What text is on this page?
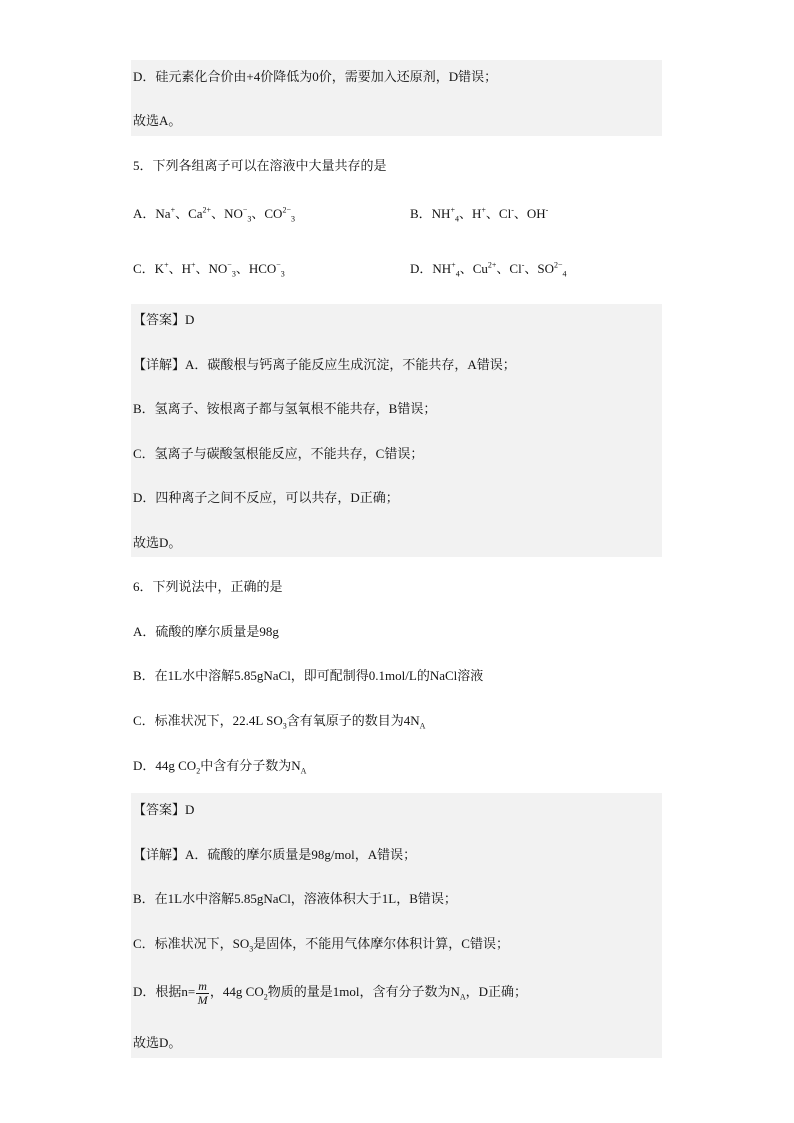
D．硅元素化合价由+4价降低为0价，需要加入还原剂，D错误；
故选A。
5．下列各组离子可以在溶液中大量共存的是
A．Na+、$Ca^{2+}$、$NO^-_3$、$CO^{2-}_3$	B．$NH^+_4$、H+、Cl-、OH-
C．K+、H+、$NO^-_3$、$HCO^-_3$	D．$NH^+_4$、$Cu^{2+}$、Cl-、$SO^{2-}_4$
【答案】D
【详解】A．碳酸根与钙离子能反应生成沉淀，不能共存，A错误；
B．氢离子、铵根离子都与氢氧根不能共存，B错误；
C．氢离子与碳酸氢根能反应，不能共存，C错误；
D．四种离子之间不反应，可以共存，D正确；
故选D。
6．下列说法中，正确的是
A．硫酸的摩尔质量是98g
B．在1L水中溶解5.85gNaCl，即可配制得0.1mol/L的NaCl溶液
C．标准状况下，22.4L $SO_3$含有氧原子的数目为$4N_A$
D．44g $CO_2$中含有分子数为$N_A$
【答案】D
【详解】A．硫酸的摩尔质量是98g/mol，A错误；
B．在1L水中溶解5.85gNaCl，溶液体积大于1L，B错误；
C．标准状况下，$SO_3$是固体，不能用气体摩尔体积计算，C错误；
D．根据$n= \frac{m}{M}$ ，44g $CO_2$物质的量是1mol，含有分子数为$N_A$，D正确；
故选D。
